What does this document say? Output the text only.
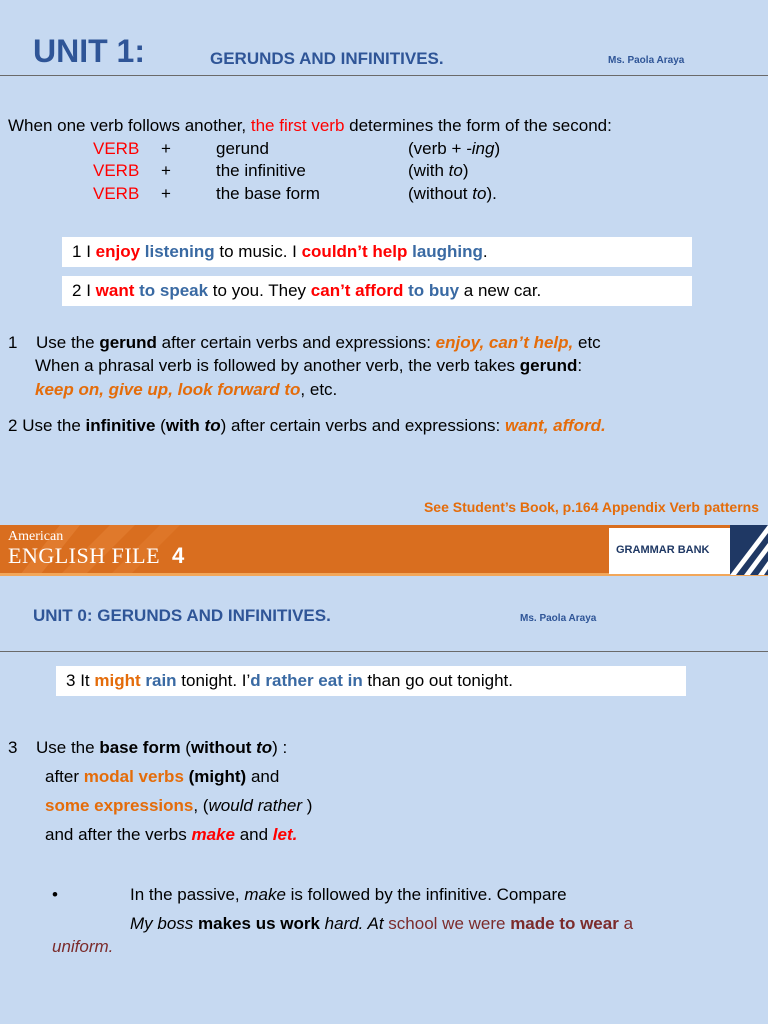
UNIT 1:	GERUNDS AND INFINITIVES.	Ms. Paola Araya
When one verb follows another, the first verb determines the form of the second:
VERB +	gerund	(verb + -ing)
VERB +	the infinitive	(with to)
VERB +	the base form	(without to).
1 I enjoy listening to music. I couldn’t help laughing.
2 I want to speak to you. They can’t afford to buy a new car.
1 Use the gerund after certain verbs and expressions: enjoy, can’t help, etc
When a phrasal verb is followed by another verb, the verb takes gerund:
keep on, give up, look forward to, etc.
2 Use the infinitive (with to) after certain verbs and expressions: want, afford.
See Student’s Book, p.164 Appendix Verb patterns
American
ENGLISH FILE 4	GRAMMAR BANK
UNIT 0: GERUNDS AND INFINITIVES.	Ms. Paola Araya
3 It might rain tonight. I’d rather eat in than go out tonight.
3 Use the base form (without to) :
after modal verbs (might) and
some expressions, (would rather )
and after the verbs make and let.
•	In the passive, make is followed by the infinitive. Compare
My boss makes us work hard. At school we were made to wear a
uniform.
